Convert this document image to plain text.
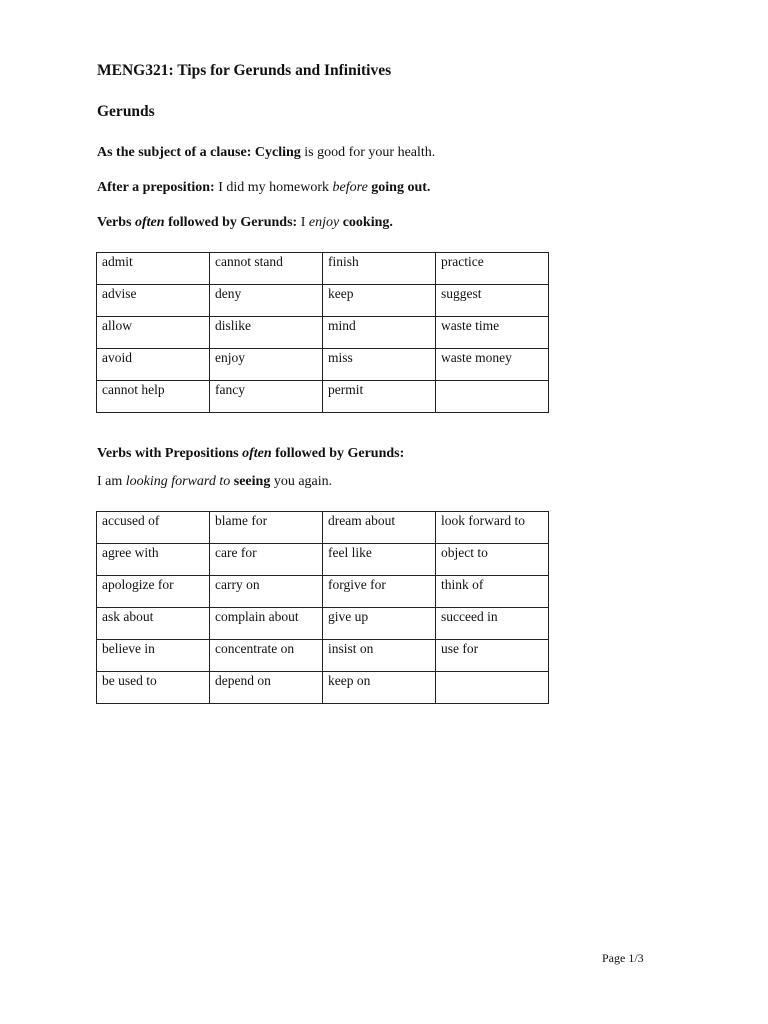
MENG321: Tips for Gerunds and Infinitives
Gerunds
As the subject of a clause: Cycling is good for your health.
After a preposition: I did my homework before going out.
Verbs often followed by Gerunds: I enjoy cooking.
admit	cannot stand	finish	practice
advise	deny	keep	suggest
allow	dislike	mind	waste time
avoid	enjoy	miss	waste money
cannot help	fancy	permit	
Verbs with Prepositions often followed by Gerunds:
I am looking forward to seeing you again.
accused of	blame for	dream about	look forward to
agree with	care for	feel like	object to
apologize for	carry on	forgive for	think of
ask about	complain about	give up	succeed in
believe in	concentrate on	insist on	use for
be used to	depend on	keep on	
Page 1/3
